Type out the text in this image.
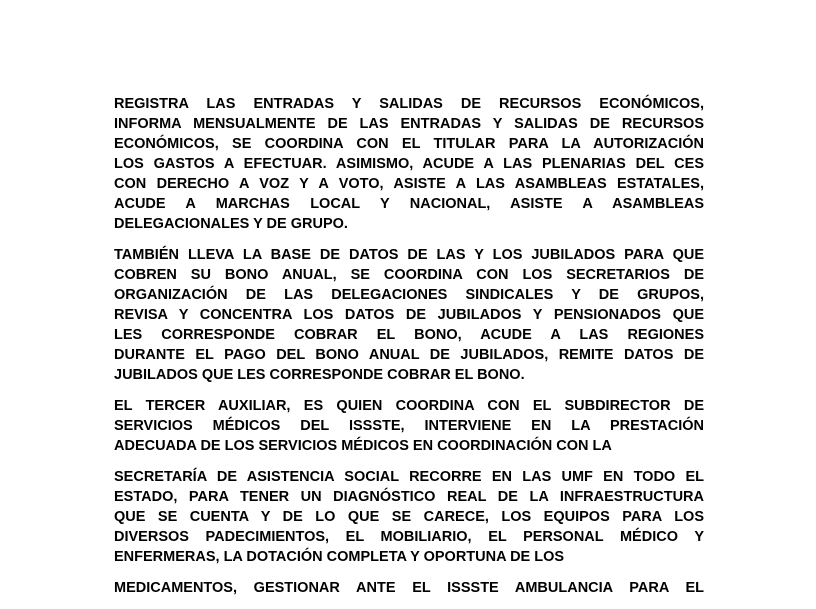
REGISTRA LAS ENTRADAS Y SALIDAS DE RECURSOS ECONÓMICOS,
INFORMA MENSUALMENTE DE LAS ENTRADAS Y SALIDAS DE RECURSOS
ECONÓMICOS, SE COORDINA CON EL TITULAR PARA LA AUTORIZACIÓN
LOS GASTOS A EFECTUAR. ASIMISMO, ACUDE A LAS PLENARIAS DEL CES
CON DERECHO A VOZ Y A VOTO, ASISTE A LAS ASAMBLEAS ESTATALES,
ACUDE A MARCHAS LOCAL Y NACIONAL, ASISTE A ASAMBLEAS
DELEGACIONALES Y DE GRUPO.
TAMBIÉN LLEVA LA BASE DE DATOS DE LAS Y LOS JUBILADOS PARA QUE
COBREN SU BONO ANUAL, SE COORDINA CON LOS SECRETARIOS DE
ORGANIZACIÓN DE LAS DELEGACIONES SINDICALES Y DE GRUPOS,
REVISA Y CONCENTRA LOS DATOS DE JUBILADOS Y PENSIONADOS QUE
LES CORRESPONDE COBRAR EL BONO, ACUDE A LAS REGIONES
DURANTE EL PAGO DEL BONO ANUAL DE JUBILADOS, REMITE DATOS DE
JUBILADOS QUE LES CORRESPONDE COBRAR EL BONO.
EL TERCER AUXILIAR, ES QUIEN COORDINA CON EL SUBDIRECTOR DE
SERVICIOS MÉDICOS DEL ISSSTE, INTERVIENE EN LA PRESTACIÓN
ADECUADA DE LOS SERVICIOS MÉDICOS EN COORDINACIÓN CON LA
SECRETARÍA DE ASISTENCIA SOCIAL RECORRE EN LAS UMF EN TODO EL
ESTADO, PARA TENER UN DIAGNÓSTICO REAL DE LA INFRAESTRUCTURA
QUE SE CUENTA Y DE LO QUE SE CARECE, LOS EQUIPOS PARA LOS
DIVERSOS PADECIMIENTOS, EL MOBILIARIO, EL PERSONAL MÉDICO Y
ENFERMERAS, LA DOTACIÓN COMPLETA Y OPORTUNA DE LOS
MEDICAMENTOS, GESTIONAR ANTE EL ISSSTE AMBULANCIA PARA EL
